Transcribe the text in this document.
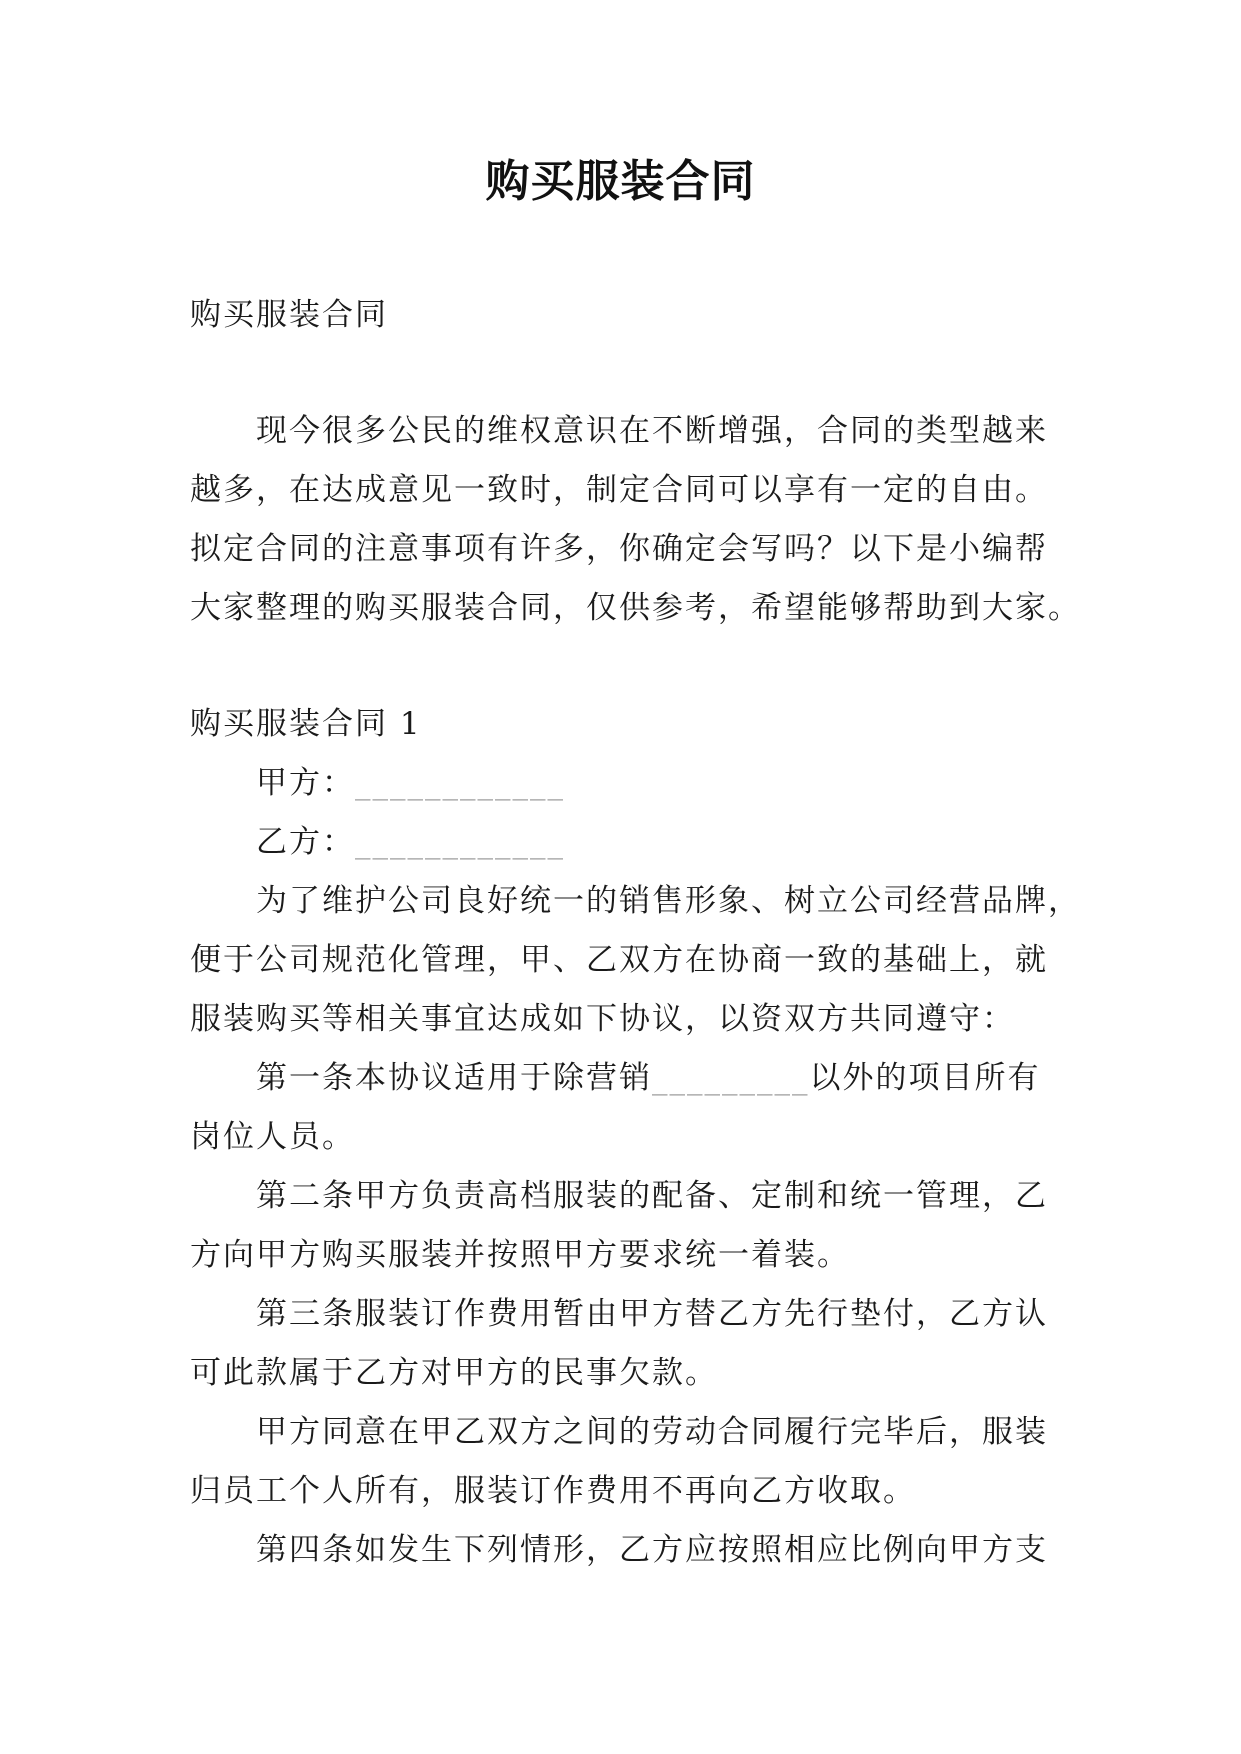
购买服装合同
购买服装合同
现今很多公民的维权意识在不断增强，合同的类型越来
越多，在达成意见一致时，制定合同可以享有一定的自由。
拟定合同的注意事项有许多，你确定会写吗？以下是小编帮
大家整理的购买服装合同，仅供参考，希望能够帮助到大家。
购买服装合同 1
甲方：____________
乙方：____________
为了维护公司良好统一的销售形象、树立公司经营品牌，
便于公司规范化管理，甲、乙双方在协商一致的基础上，就
服装购买等相关事宜达成如下协议，以资双方共同遵守：
第一条本协议适用于除营销_________以外的项目所有
岗位人员。
第二条甲方负责高档服装的配备、定制和统一管理，乙
方向甲方购买服装并按照甲方要求统一着装。
第三条服装订作费用暂由甲方替乙方先行垫付，乙方认
可此款属于乙方对甲方的民事欠款。
甲方同意在甲乙双方之间的劳动合同履行完毕后，服装
归员工个人所有，服装订作费用不再向乙方收取。
第四条如发生下列情形，乙方应按照相应比例向甲方支
